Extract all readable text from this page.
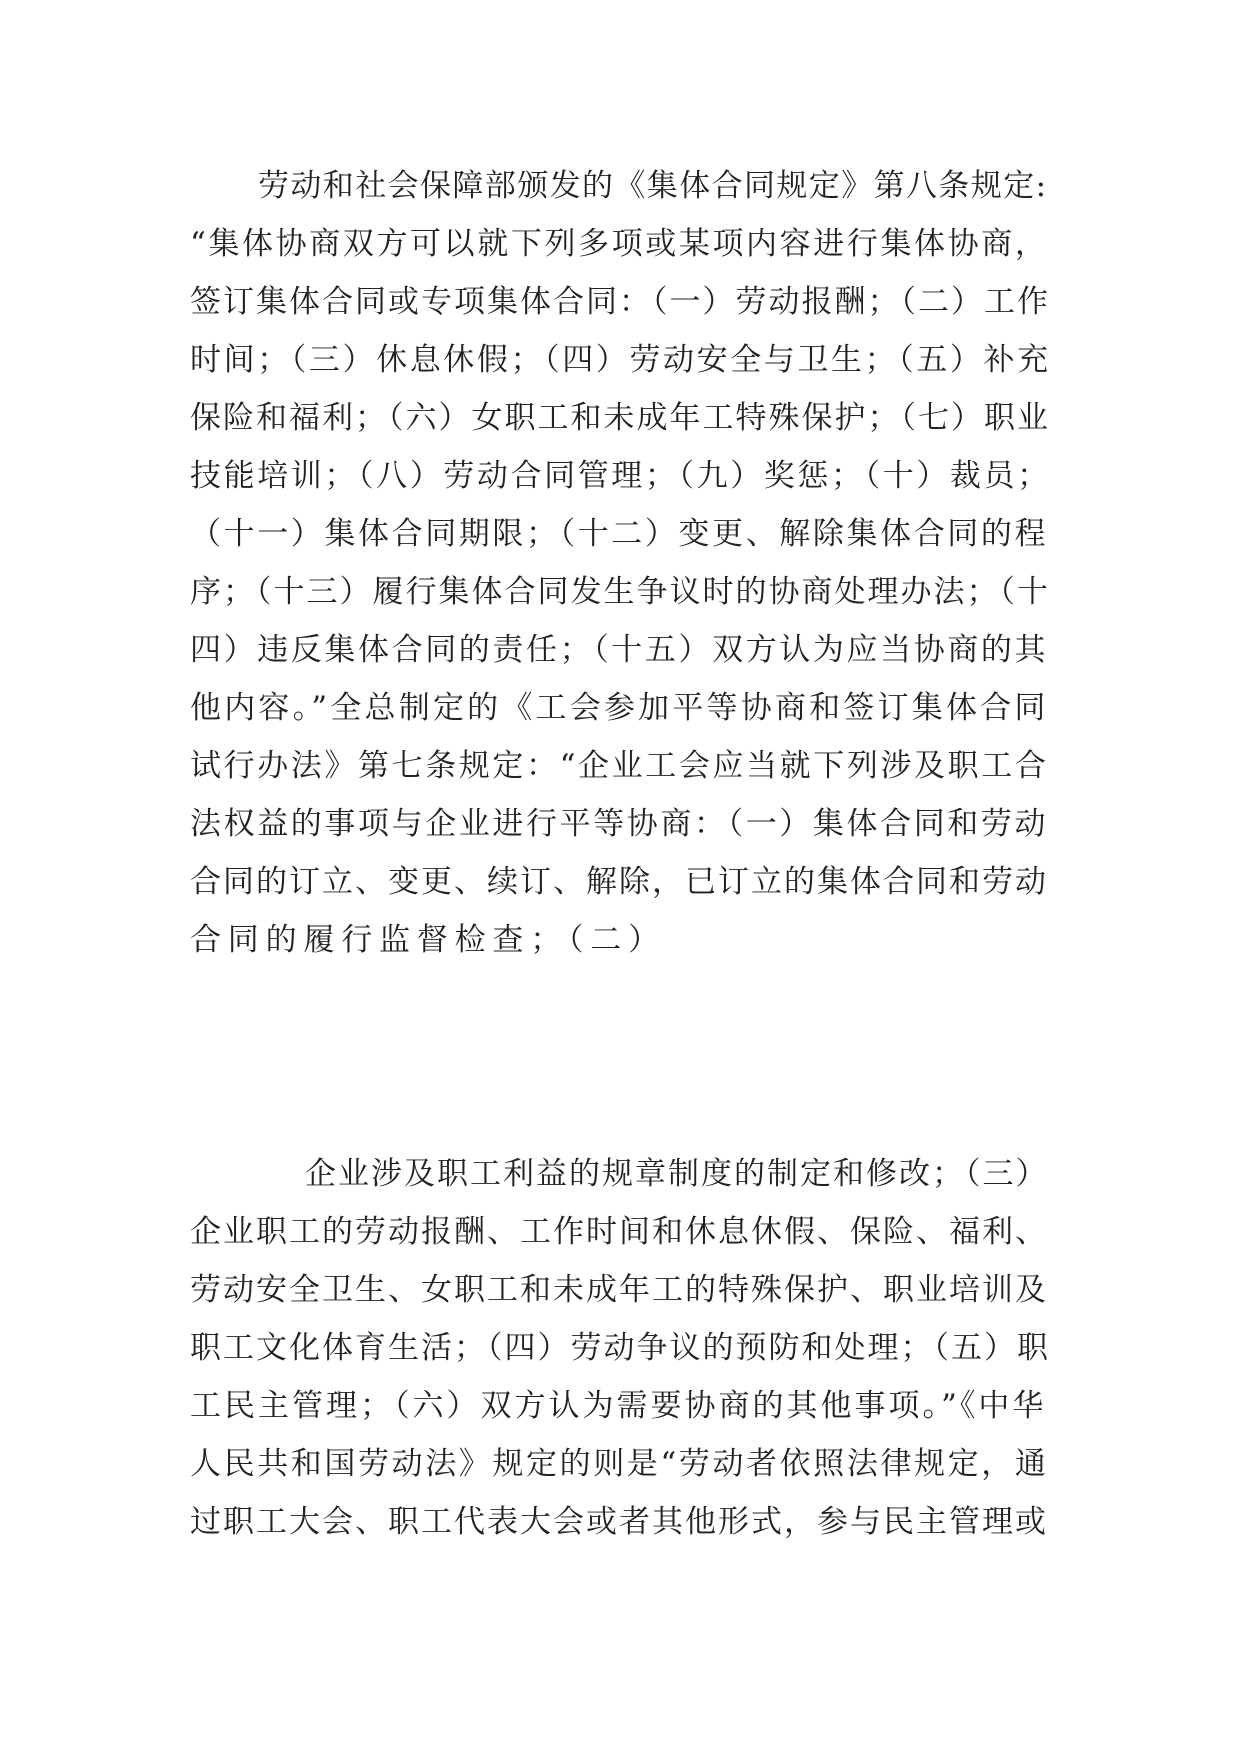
劳动和社会保障部颁发的《集体合同规定》第八条规定:
“集体协商双方可以就下列多项或某项内容进行集体协商，
签订集体合同或专项集体合同：（一）劳动报酬；（二）工作
时间；（三）休息休假；（四）劳动安全与卫生；（五）补充
保险和福利；（六）女职工和未成年工特殊保护；（七）职业
技能培训；（八）劳动合同管理；（九）奖惩；（十）裁员；
（十一）集体合同期限；（十二）变更、解除集体合同的程
序；（十三）履行集体合同发生争议时的协商处理办法；（十
四）违反集体合同的责任；（十五）双方认为应当协商的其
他内容。”全总制定的《工会参加平等协商和签订集体合同
试行办法》第七条规定：“企业工会应当就下列涉及职工合
法权益的事项与企业进行平等协商：（一）集体合同和劳动
合同的订立、变更、续订、解除，已订立的集体合同和劳动
合同的履行监督检查；（二）
企业涉及职工利益的规章制度的制定和修改；（三）
企业职工的劳动报酬、工作时间和休息休假、保险、福利、
劳动安全卫生、女职工和未成年工的特殊保护、职业培训及
职工文化体育生活；（四）劳动争议的预防和处理；（五）职
工民主管理；（六）双方认为需要协商的其他事项。”《中华
人民共和国劳动法》规定的则是“劳动者依照法律规定，通
过职工大会、职工代表大会或者其他形式，参与民主管理或
